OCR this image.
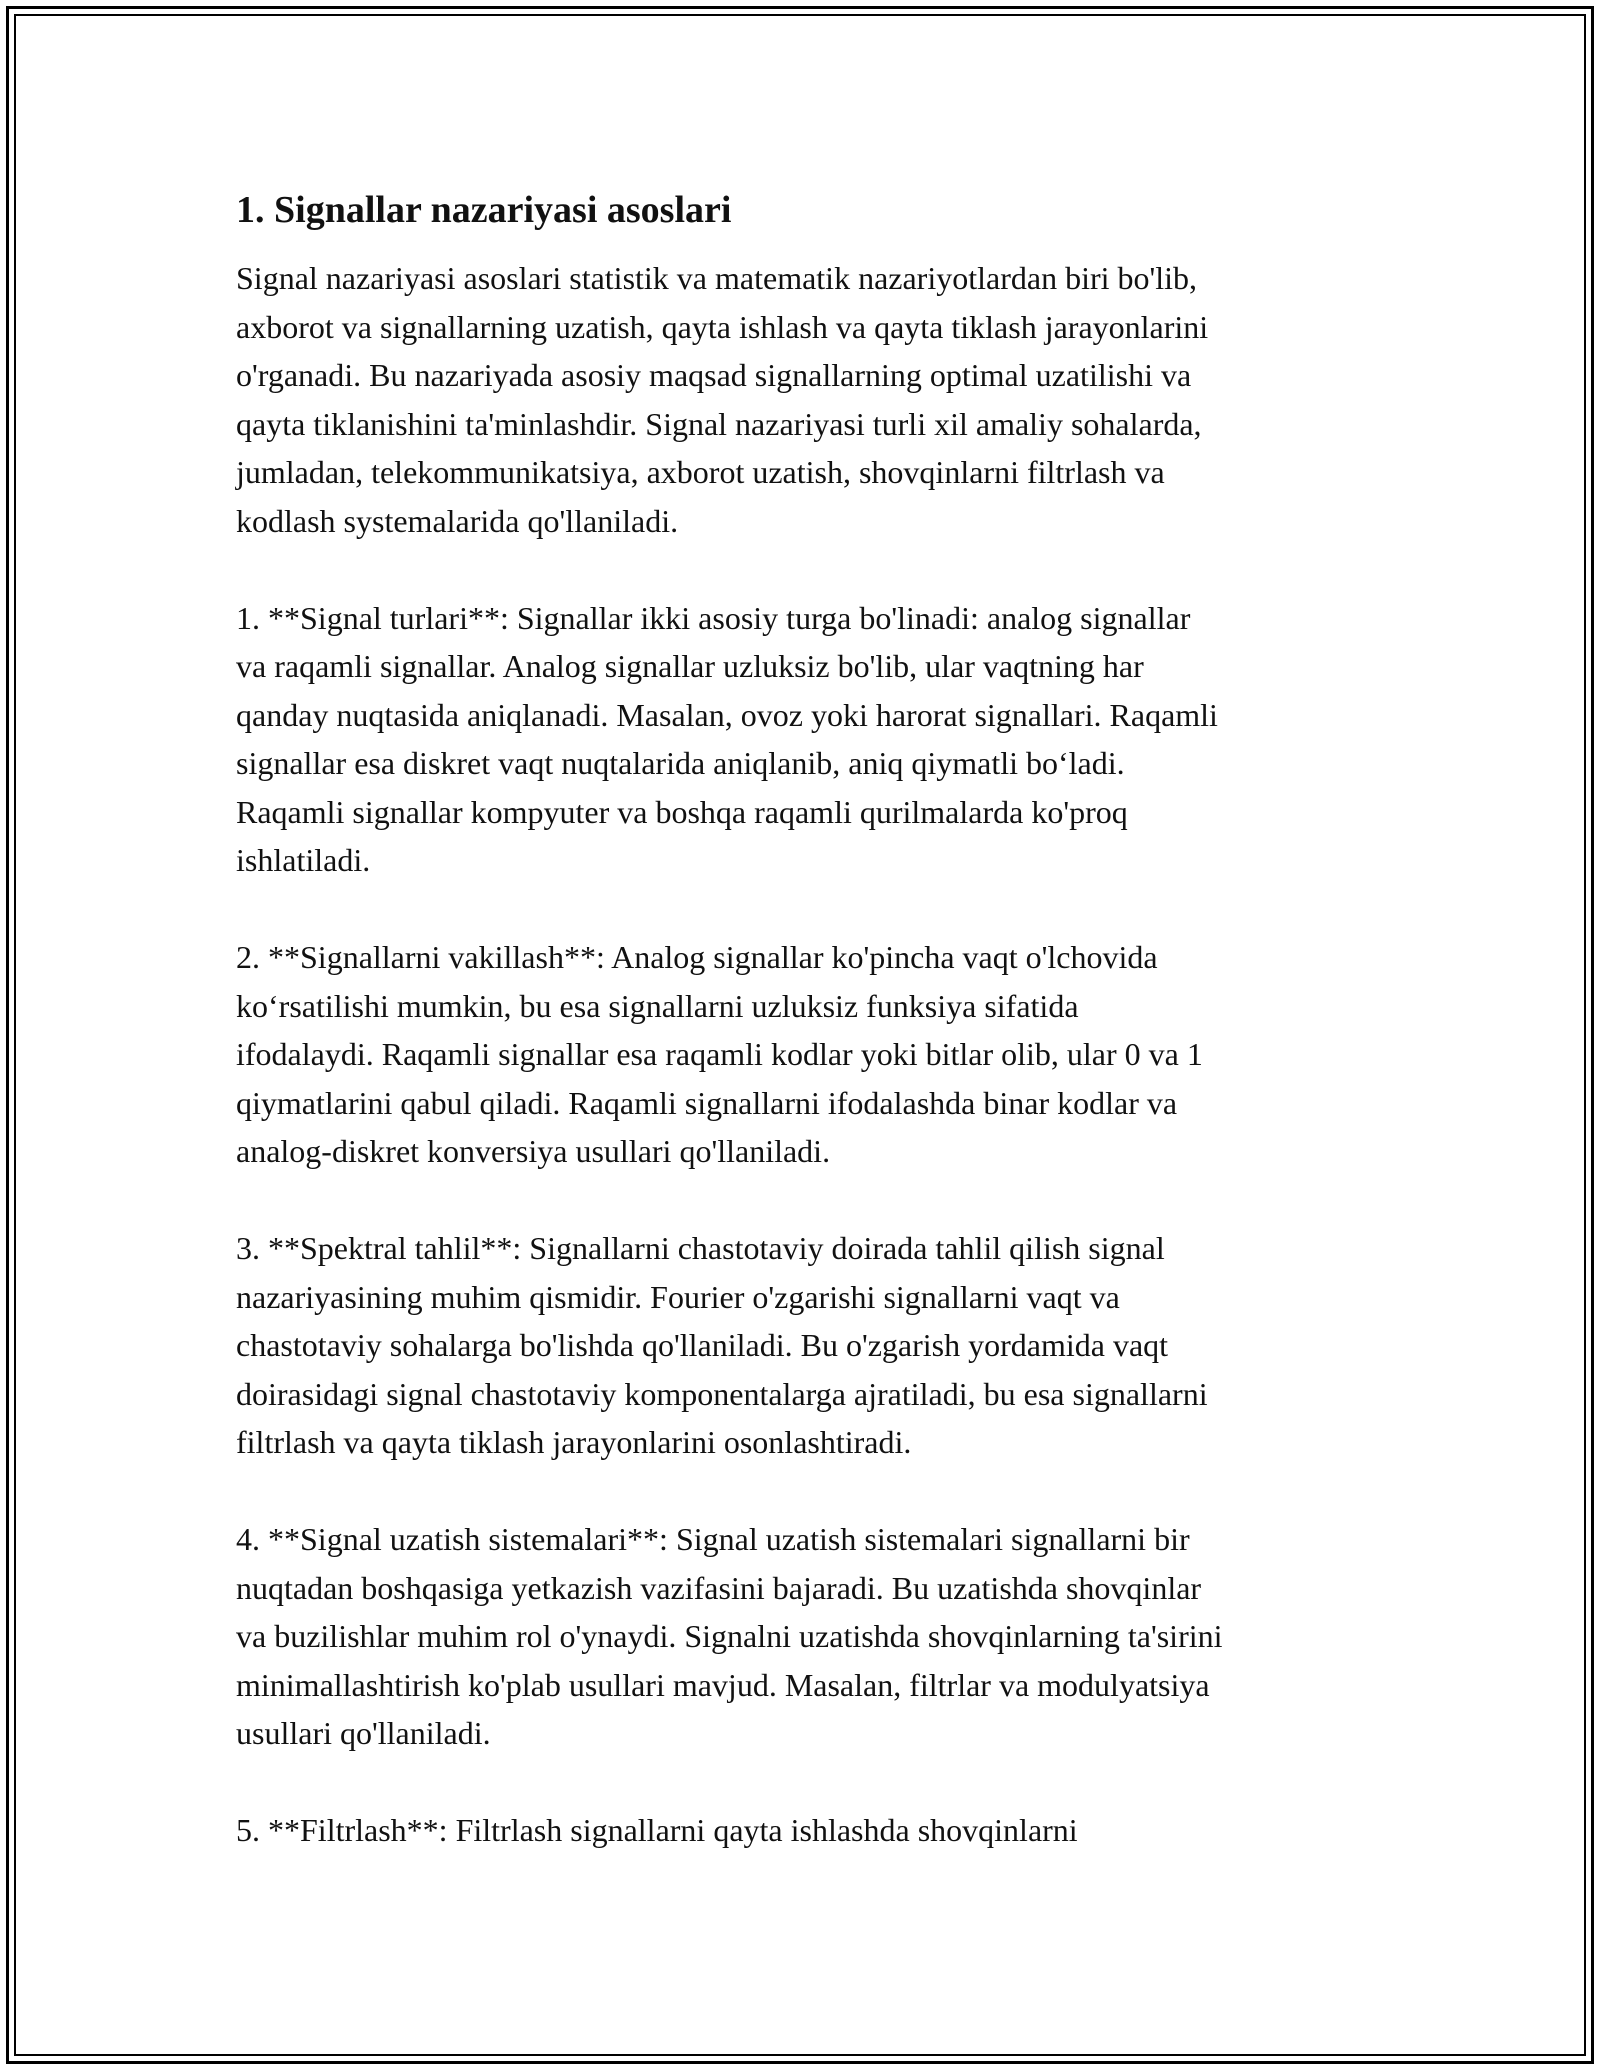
1. Signallar nazariyasi asoslari

Signal nazariyasi asoslari statistik va matematik nazariyotlardan biri bo'lib,
axborot va signallarning uzatish, qayta ishlash va qayta tiklash jarayonlarini
o'rganadi. Bu nazariyada asosiy maqsad signallarning optimal uzatilishi va
qayta tiklanishini ta'minlashdir. Signal nazariyasi turli xil amaliy sohalarda,
jumladan, telekommunikatsiya, axborot uzatish, shovqinlarni filtrlash va
kodlash systemalarida qo'llaniladi.

1. **Signal turlari**: Signallar ikki asosiy turga bo'linadi: analog signallar
va raqamli signallar. Analog signallar uzluksiz bo'lib, ular vaqtning har
qanday nuqtasida aniqlanadi. Masalan, ovoz yoki harorat signallari. Raqamli
signallar esa diskret vaqt nuqtalarida aniqlanib, aniq qiymatli bo‘ladi.
Raqamli signallar kompyuter va boshqa raqamli qurilmalarda ko'proq
ishlatiladi.

2. **Signallarni vakillash**: Analog signallar ko'pincha vaqt o'lchovida
ko‘rsatilishi mumkin, bu esa signallarni uzluksiz funksiya sifatida
ifodalaydi. Raqamli signallar esa raqamli kodlar yoki bitlar olib, ular 0 va 1
qiymatlarini qabul qiladi. Raqamli signallarni ifodalashda binar kodlar va
analog-diskret konversiya usullari qo'llaniladi.

3. **Spektral tahlil**: Signallarni chastotaviy doirada tahlil qilish signal
nazariyasining muhim qismidir. Fourier o'zgarishi signallarni vaqt va
chastotaviy sohalarga bo'lishda qo'llaniladi. Bu o'zgarish yordamida vaqt
doirasidagi signal chastotaviy komponentalarga ajratiladi, bu esa signallarni
filtrlash va qayta tiklash jarayonlarini osonlashtiradi.

4. **Signal uzatish sistemalari**: Signal uzatish sistemalari signallarni bir
nuqtadan boshqasiga yetkazish vazifasini bajaradi. Bu uzatishda shovqinlar
va buzilishlar muhim rol o'ynaydi. Signalni uzatishda shovqinlarning ta'sirini
minimallashtirish ko'plab usullari mavjud. Masalan, filtrlar va modulyatsiya
usullari qo'llaniladi.

5. **Filtrlash**: Filtrlash signallarni qayta ishlashda shovqinlarni
